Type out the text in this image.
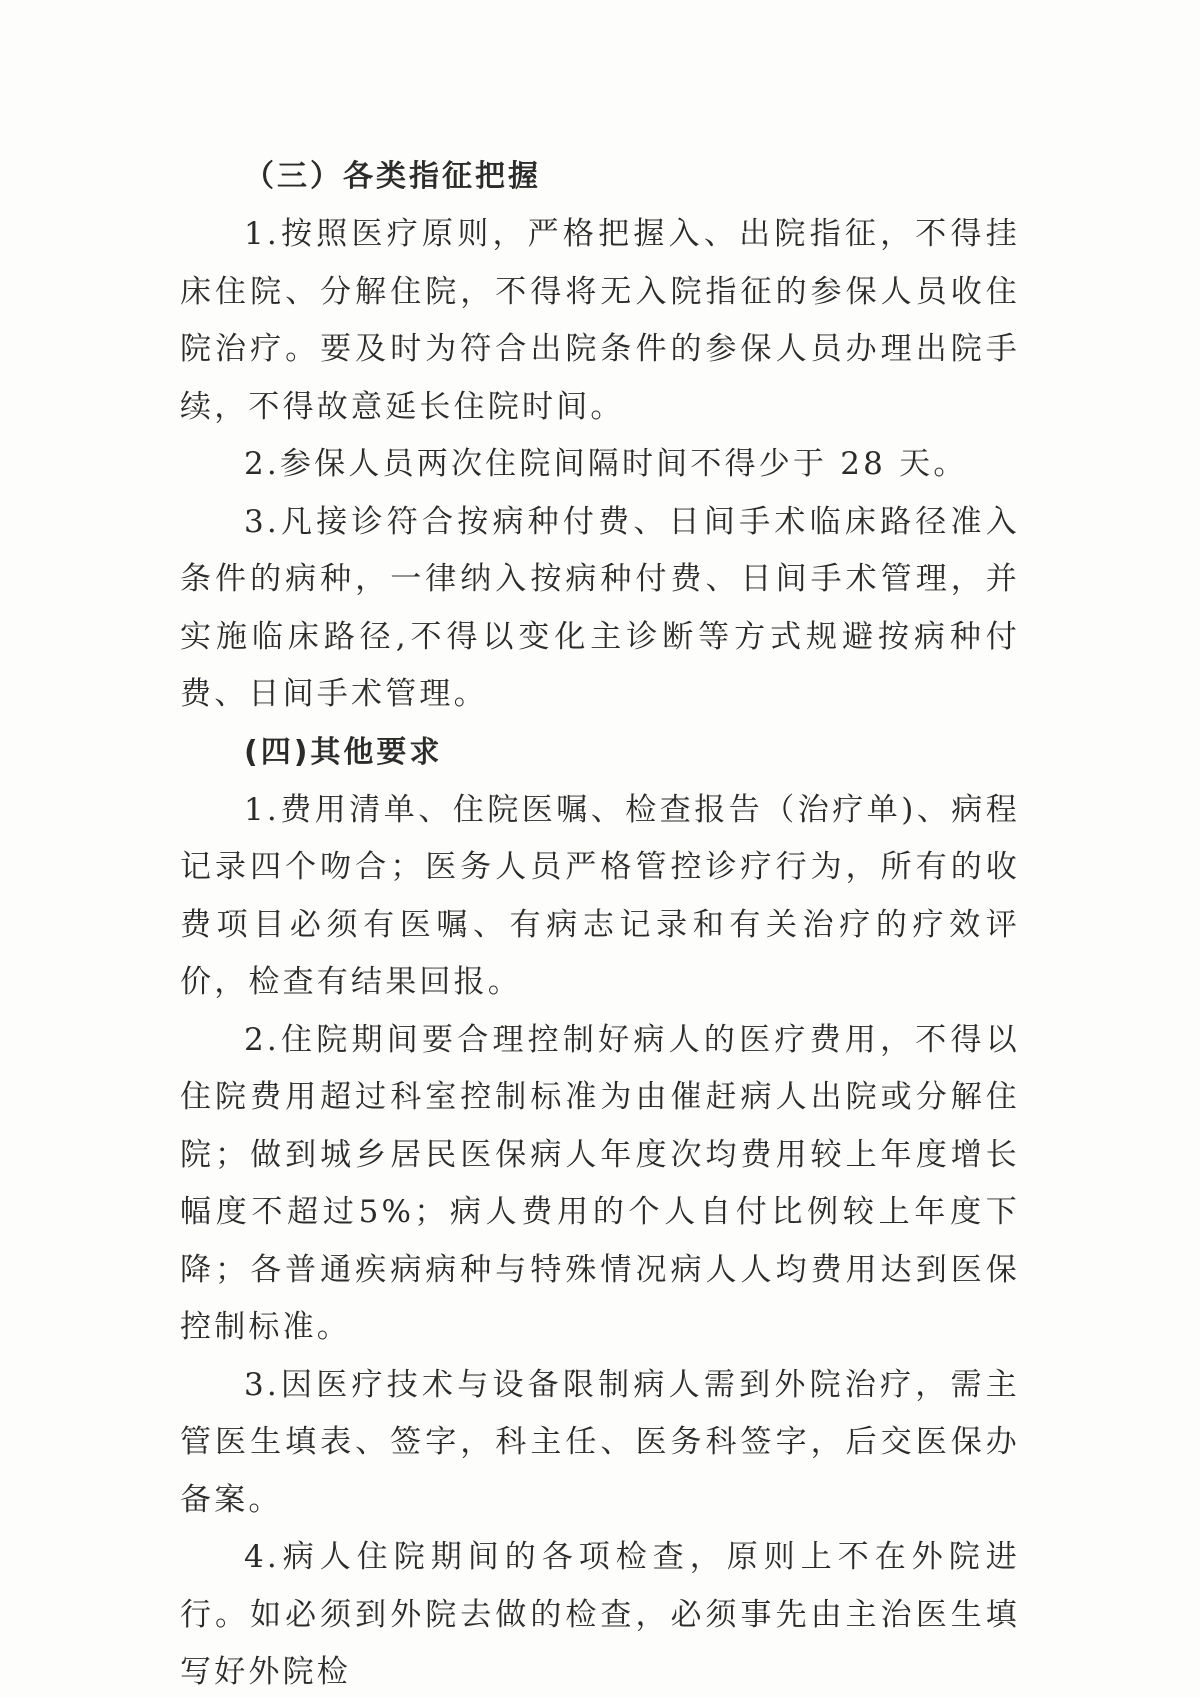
（三）各类指征把握

1.按照医疗原则，严格把握入、出院指征，不得挂床住院、分解住院，不得将无入院指征的参保人员收住院治疗。要及时为符合出院条件的参保人员办理出院手续，不得故意延长住院时间。

2.参保人员两次住院间隔时间不得少于 28 天。

3.凡接诊符合按病种付费、日间手术临床路径准入条件的病种，一律纳入按病种付费、日间手术管理，并实施临床路径,不得以变化主诊断等方式规避按病种付费、日间手术管理。

(四)其他要求

1.费用清单、住院医嘱、检查报告（治疗单)、病程记录四个吻合；医务人员严格管控诊疗行为，所有的收费项目必须有医嘱、有病志记录和有关治疗的疗效评价，检查有结果回报。

2.住院期间要合理控制好病人的医疗费用，不得以住院费用超过科室控制标准为由催赶病人出院或分解住院；做到城乡居民医保病人年度次均费用较上年度增长幅度不超过5%；病人费用的个人自付比例较上年度下降；各普通疾病病种与特殊情况病人人均费用达到医保控制标准。

3.因医疗技术与设备限制病人需到外院治疗，需主管医生填表、签字，科主任、医务科签字，后交医保办备案。

4.病人住院期间的各项检查，原则上不在外院进行。如必须到外院去做的检查，必须事先由主治医生填写好外院检
